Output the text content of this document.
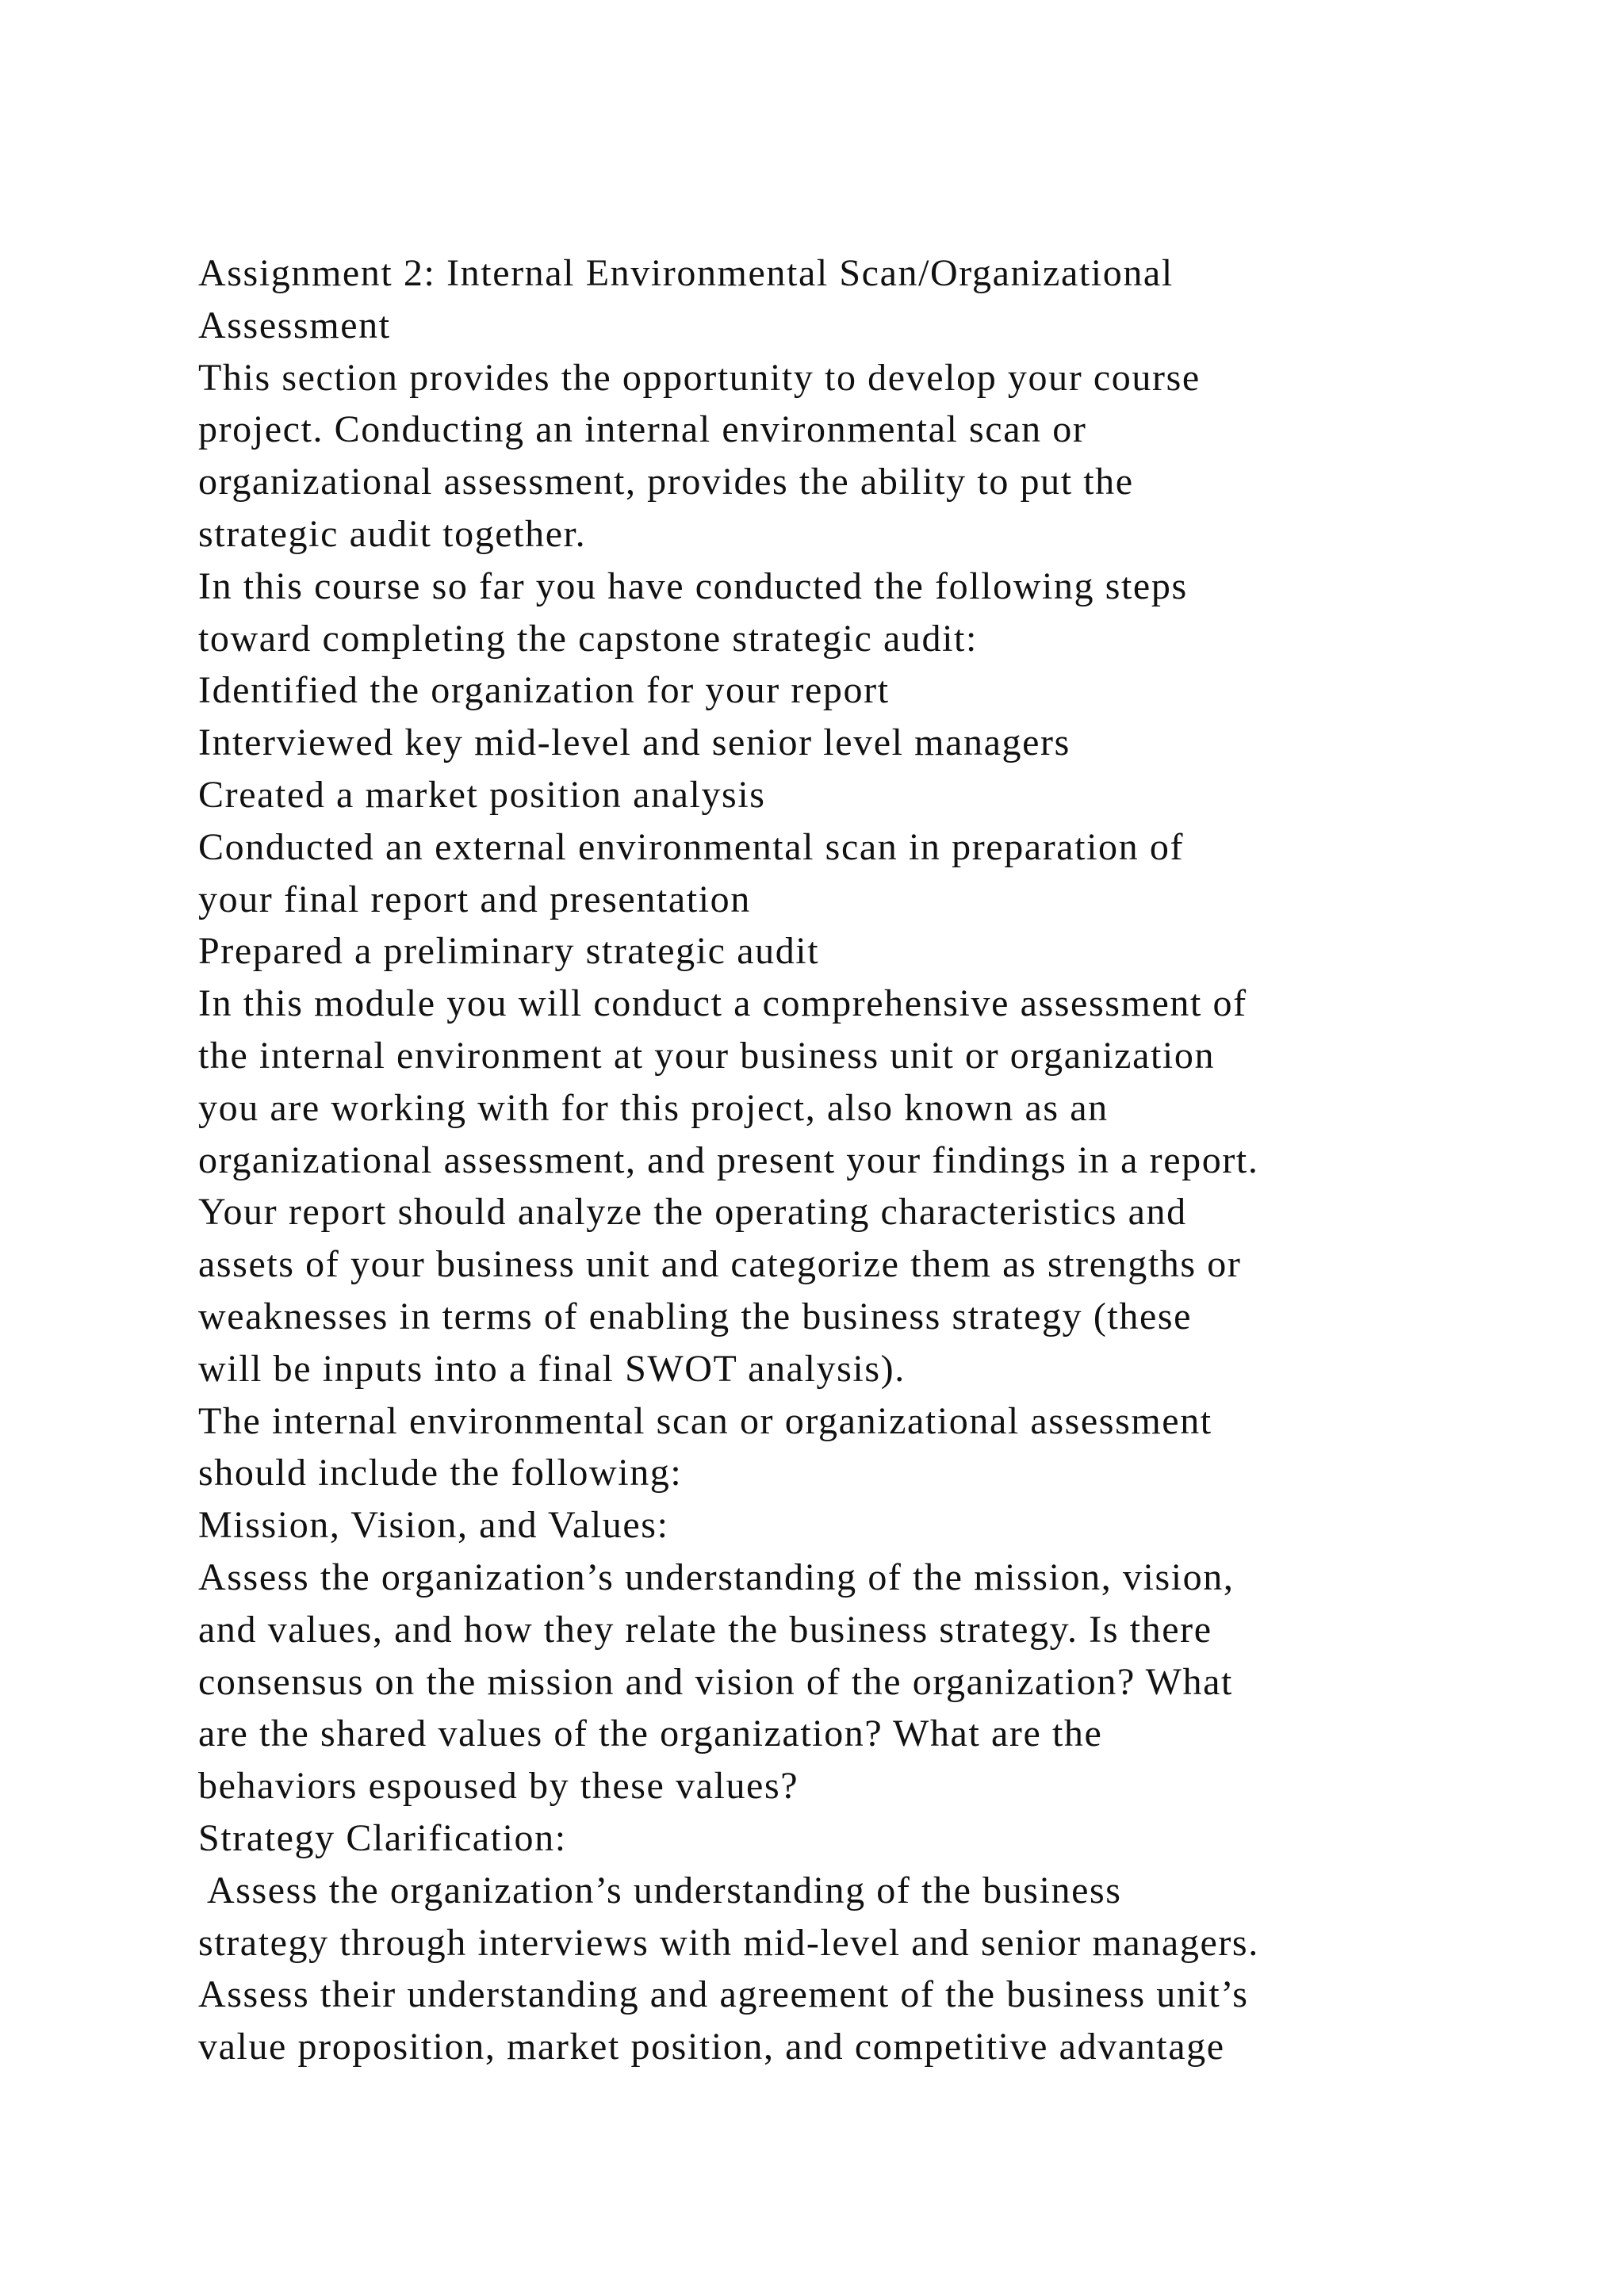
Assignment 2: Internal Environmental Scan/Organizational
Assessment
This section provides the opportunity to develop your course
project. Conducting an internal environmental scan or
organizational assessment, provides the ability to put the
strategic audit together.
In this course so far you have conducted the following steps
toward completing the capstone strategic audit:
Identified the organization for your report
Interviewed key mid-level and senior level managers
Created a market position analysis
Conducted an external environmental scan in preparation of
your final report and presentation
Prepared a preliminary strategic audit
In this module you will conduct a comprehensive assessment of
the internal environment at your business unit or organization
you are working with for this project, also known as an
organizational assessment, and present your findings in a report.
Your report should analyze the operating characteristics and
assets of your business unit and categorize them as strengths or
weaknesses in terms of enabling the business strategy (these
will be inputs into a final SWOT analysis).
The internal environmental scan or organizational assessment
should include the following:
Mission, Vision, and Values:
Assess the organization’s understanding of the mission, vision,
and values, and how they relate the business strategy. Is there
consensus on the mission and vision of the organization? What
are the shared values of the organization? What are the
behaviors espoused by these values?
Strategy Clarification:
Assess the organization’s understanding of the business
strategy through interviews with mid-level and senior managers.
Assess their understanding and agreement of the business unit’s
value proposition, market position, and competitive advantage
